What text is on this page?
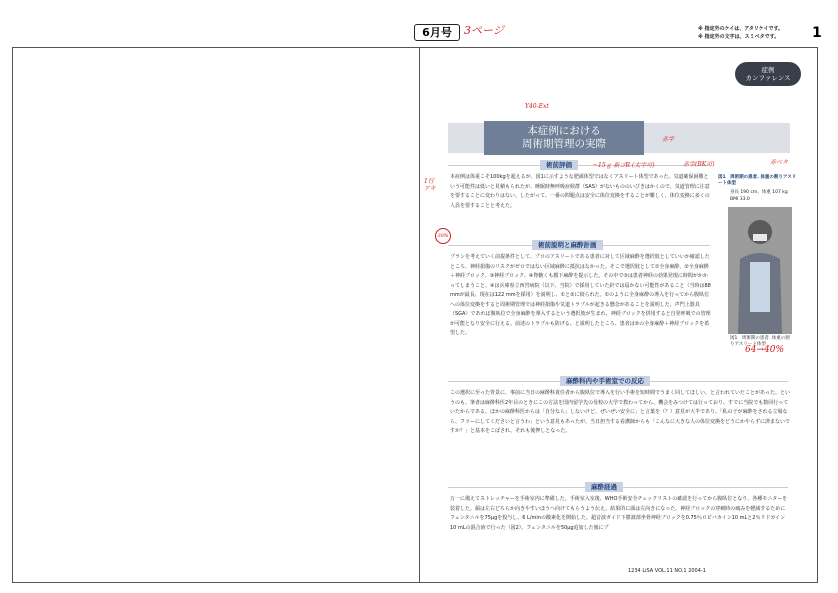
6月号	3ページ	※ 指定外のケイは、アタリケイです。
※ 指定外の文字は、スミベタです。 1
症例
カンファレンス
Y40-Ext
本症例における
周術期管理の実際	赤字
術前評価	〜15ｇ 新ゴR (太字可)	赤字(BK可)	赤ベタ
1行アキ
30%
本症例は体重こそ100kgを超えるが、図1に示すような肥満体型ではなくアスリート体型であった。気道確保困難という可能性は低いと見積もられたが、睡眠時無呼吸症候群（SAS）がないもののいびきはかくので、気道管理に注意を要することに変わりはない。したがって、一番の問題点は安全に体位変換をすることが難しく、体位変換に多くの人員を要することと考えた。
術前説明と麻酔計画
プランを考えていく前提条件として、プロのアスリートである患者に対して区域麻酔を選択肢としていいか確認したところ、神経損傷のリスクがゼロではない区域麻酔に抵抗はなかった。そこで選択肢として①全身麻酔、②全身麻酔＋神経ブロック、③神経ブロック、④脊髄くも膜下麻酔を提示した。その中で③は患者神経の効果発現に時間がかかってしまうこと、④は兵庫県立西宮病院（以下、当院）で採用していた針では届かない可能性があること（当時は88 mmが最長、現在は122 mmを採用）を説明し、①と②に絞られた。①のように全身麻酔の導入を行ってから腹臥位への体位変換をすると周術期管理では神経損傷や気道トラブルが起きる懸念があることを説明した。声門上器具（SGA）であれば腹臥位で全身麻酔を導入するという選択肢が生まれ、神経ブロックを併用すると自発呼吸での管理が可能となり安全に行える。前述のトラブルも防げる、と説明したところ、患者は②の全身麻酔＋神経ブロックを希望した。
麻酔科内や手術室での反応
この選択に至った背景に、事前に当日の麻酔科責任者から腹臥位で導入を行い手術を短時間でうまく回してほしい、と言われていたことがあった。というのも、筆者は麻酔科医2年目のときにこの方法を国内留学先の母校の大学で教わってから、機会をみつけては行っており、すでに当院でも数回行っていたからである。ほかの麻酔科医からは「自分なら」しないけど、ぜいぜい安全に」と言葉を（？）意見が大半であり、「私の子が麻酔をされる立場なら、フツーにしてくださいと言うわ」という意見もあったが、当日担当する看護師からも「こんなに大きな人の体位変換をどうにかやらずに済まないですか？」と基本をこばされ、それも後押しとなった。
麻酔経過
万一に備えてストレッチャーを手術室内に準備した。手術室入室後、WHO手術安全チェックリストの確認を行ってから腹臥位となり、各種モニターを装着した。顔は左右どちらか向きやすいほうへ向けてもらうよう伝え、結果的に顔は左向きになった。神経ブロックの穿刺時の痛みを軽減するためにフェンタニルを75μgを投与し、6 L/minの酸素化を開始した。超音波ガイド下膝窩部坐骨神経ブロックを0.75％ロピバカイン10 mLと2％リドカイン10 mLの混合液で行った（図2）。フェンタニルを50μg追加した後にプ
図1　周術期の患者. 体重の割りアスリート体型
身長 190 cm、体重 107 kg
BMI 33.0
図1　周術期の患者. 体重の割りアスリート体型
64→40%
1234 LiSA VOL.11 NO.1 2004-1
